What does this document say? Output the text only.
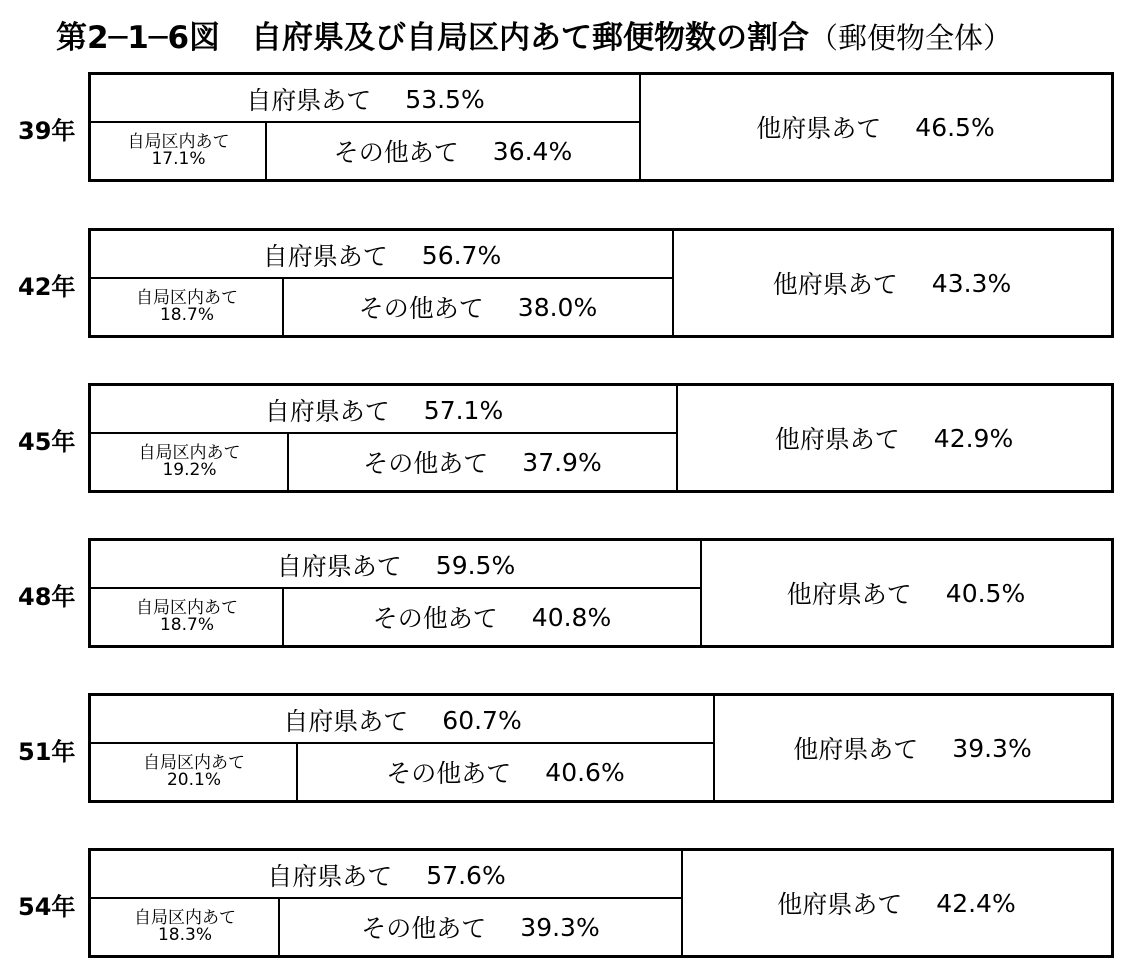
第2─1─6図　自府県及び自局区内あて郵便物数の割合（郵便物全体）
39年
自府県あて 53.5%
自局区内あて
17.1%	その他あて 36.4%
他府県あて 46.5%
42年
自府県あて 56.7%
自局区内あて
18.7%	その他あて 38.0%
他府県あて 43.3%
45年
自府県あて 57.1%
自局区内あて
19.2%	その他あて 37.9%
他府県あて 42.9%
48年
自府県あて 59.5%
自局区内あて
18.7%	その他あて 40.8%
他府県あて 40.5%
51年
自府県あて 60.7%
自局区内あて
20.1%	その他あて 40.6%
他府県あて 39.3%
54年
自府県あて 57.6%
自局区内あて
18.3%	その他あて 39.3%
他府県あて 42.4%
